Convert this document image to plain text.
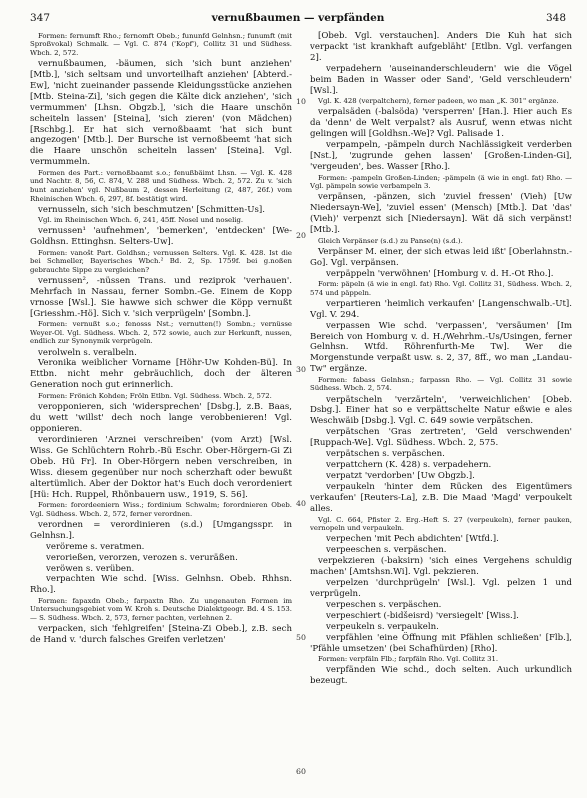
347	vernußbaumen — verpfänden	348

Formen: fernumft Rho.; fernomft Obeb.; fununfd Gelnhsn.; funumft (mit Sproßvokal) Schmalk. — Vgl. C. 874 ('Kopf'), Collitz 31 und Südhess. Wbch. 2, 572.

vernußbaumen, -bäumen, sich 'sich bunt anziehen' [Mtb.], 'sich seltsam und unvorteilhaft anziehen' [Abterd.-Ew], 'nicht zueinander passende Kleidungsstücke anziehen [Mtb. Steina-Zi], 'sich gegen die Kälte dick anziehen', 'sich vermummen' [Lhsn. Obgzb.], 'sich die Haare unschön scheiteln lassen' [Steina], 'sich zieren' (von Mädchen) [Rschbg.]. Er hat sich vernoßbaamt 'hat sich bunt angezogen' [Mtb.]. Der Bursche ist vernoßbeemt 'hat sich die Haare unschön scheiteln lassen' [Steina]. Vgl. vermummeln.

Formen des Part.: vernoßbaamt s.o.; fenußbäimt Lhsn. — Vgl. K. 428 und Nachtr. 8, 56, C. 874, V. 288 und Südhess. Wbch. 2, 572. Zu v. 'sich bunt anziehen' vgl. Nußbaum 2, dessen Herleitung (2, 487, 26f.) vom Rheinischen Wbch. 6, 297, 8f. bestätigt wird.

vernusseln, sich 'sich beschmutzen' [Schmitten-Us].

Vgl. im Rheinischen Wbch. 6, 241, 45ff. Nosel und noselig.

vernussen¹ 'aufnehmen', 'bemerken', 'entdecken' [We-Goldhsn. Ettinghsn. Selters-Uw].

Formen: vanošt Part. Goldhsn.; vernussen Selters. Vgl. K. 428. Ist die bei Schmeller, Bayerisches Wbch.² Bd. 2, Sp. 1759f. bei g.noßen gebrauchte Sippe zu vergleichen?

vernussen², -nüssen Trans. und reziprok 'verhauen'. Mehrfach in Nassau, ferner Sombn.-Ge. Einem de Kopp vrnosse [Wsl.]. Sie hawwe sich schwer die Köpp vernußt [Griesshm.-Hö]. Sich v. 'sich verprügeln' [Sombn.].

Formen: vernußt s.o.; fenosss Nst.; vernutten(!) Sombn.; vernüsse Weyer-Ol. Vgl. Südhess. Wbch. 2, 572 sowie, auch zur Herkunft, nussen, endlich zur Synonymik verprügeln.

verolweln s. veralbeln.

Veronika weiblicher Vorname [Höhr-Uw Kohden-Bü]. In Ettbn. nicht mehr gebräuchlich, doch der älteren Generation noch gut erinnerlich.

Formen: Frönich Kohden; Fröln Etlbn. Vgl. Südhess. Wbch. 2, 572.

veropponieren, sich 'widersprechen' [Dsbg.], z.B. Baas, du wett 'willst' dech noch lange verobbenieren! Vgl. opponieren.

verordinieren 'Arznei verschreiben' (vom Arzt) [Wsl. Wiss. Ge Schlüchtern Rohrb.-Bü Eschr. Ober-Hörgern-Gi Zi Obeb. Hü Fr]. In Ober-Hörgern neben verschreiben, in Wiss. diesem gegenüber nur noch scherzhaft oder bewußt altertümlich. Aber der Doktor hat's Euch doch verordeniert [Hü: Hch. Ruppel, Rhönbauern usw., 1919, S. 56].

Formen: forordeeniern Wiss.; fordinium Schwalm; forordnieren Obeb. Vgl. Südhess. Wbch. 2, 572, ferner verordnen.

verordnen = verordinieren (s.d.) [Umgangsspr. in Gelnhsn.].

veröreme s. veratmen.

verorießen, verorzen, verozen s. veruräßen.

veröwen s. verüben.

verpachten Wie schd. [Wiss. Gelnhsn. Obeb. Rhhsn. Rho.].

Formen: fapaxdn Obeb.; farpaxtn Rho. Zu ungenauten Formen im Untersuchungsgebiet vom W. Kroh s. Deutsche Dialektgeogr. Bd. 4 S. 153. — S. Südhess. Wbch. 2, 573, ferner pachten, verlehnen 2.

verpacken, sich 'fehlgreifen' [Steina-Zi Obeb.], z.B. sech de Hand v. 'durch falsches Greifen verletzen'

10
20
30
40
50
60

[Obeb. Vgl. verstauchen]. Anders Die Kuh hat sich verpackt 'ist krankhaft aufgebläht' [Etlbn. Vgl. verfangen 2].

verpadehern 'auseinanderschleudern' wie die Vögel beim Baden in Wasser oder Sand', 'Geld verschleudern' [Wsl.].

Vgl. K. 428 (verpaltchern), ferner padeen, wo man „K. 301" ergänze.

verpalsäden (-balsöda) 'versperren' [Han.]. Hier auch Es da 'denn' de Welt verpalst? als Ausruf, wenn etwas nicht gelingen will [Goldhsn.-We]? Vgl. Palisade 1.

verpampeln, -pämpeln durch Nachlässigkeit verderben [Nst.], 'zugrunde gehen lassen' [Großen-Linden-Gi], 'vergeuden', bes. Wasser [Rho.].

Formen: -pampeln Großen-Linden; -pämpeln (ä wie in engl. fat) Rho. — Vgl. pämpeln sowie verbampeln 3.

verpänsen, -pänzen, sich 'zuviel fressen' (Vieh) [Uw Niedersayn-We], 'zuviel essen' (Mensch) [Mtb.]. Dat 'das' (Vieh)' verpenzt sich [Niedersayn]. Wät dä sich verpänst! [Mtb.].

Gleich Verpänser (s.d.) zu Panse(n) (s.d.).

Verpänser M. einer, der sich etwas leid ißt' [Oberlahnstn.-Go]. Vgl. verpänsen.

verpäppeln 'verwöhnen' [Homburg v. d. H.-Ot Rho.].

Form: päpeln (ä wie in engl. fat) Rho. Vgl. Collitz 31, Südhess. Wbch. 2, 574 und päppeln.

verpartieren 'heimlich verkaufen' [Langenschwalb.-Ut]. Vgl. V. 294.

verpassen Wie schd. 'verpassen', 'versäumen' [Im Bereich von Homburg v. d. H./Wehrhm.-Us/Usingen, ferner Gelnhsn. Wtfd. Röhrenfurth-Me Tw]. Wer die Morgenstunde verpaßt usw. s. 2, 37, 8ff., wo man „Landau-Tw" ergänze.

Formen: fabass Gelnhsn.; farpassn Rho. — Vgl. Collitz 31 sowie Südhess. Wbch. 2, 574.

verpätscheln 'verzärteln', 'verweichlichen' [Obeb. Dsbg.]. Einer hat so e verpättschelte Natur eßwie e ales Weschwäib [Dsbg.]. Vgl. C. 649 sowie verpätschen.

verpätschen 'Gras zertreten', 'Geld verschwenden' [Ruppach-We]. Vgl. Südhess. Wbch. 2, 575.

verpätschen s. verpäschen.

verpattchern (K. 428) s. verpadehern.

verpatzt 'verdorben' [Uw Obgzb.].

verpaukeln 'hinter dem Rücken des Eigentümers verkaufen' [Reuters-La], z.B. Die Maad 'Magd' verpoukelt alles.

Vgl. C. 664, Pfister 2. Erg.-Heft S. 27 (verpeukeln), ferner pauken, vernopeln und verpaukeln.

verpechen 'mit Pech abdichten' [Wtfd.].

verpeeschen s. verpäschen.

verpekzieren (-baksirn) 'sich eines Vergehens schuldig machen' [Amtshsn.Wi]. Vgl. pekzieren.

verpelzen 'durchprügeln' [Wsl.]. Vgl. pelzen 1 und verprügeln.

verpeschen s. verpäschen.

verpeschiert (-bidšeisrd) 'versiegelt' [Wiss.].

verpeukeln s. verpaukeln.

verpfählen 'eine Öffnung mit Pfählen schließen' [Flb.], 'Pfähle umsetzen' (bei Schafhürden) [Rho].

Formen: verpfäln Flb.; farpfäln Rho. Vgl. Collitz 31.

verpfänden Wie schd., doch selten. Auch urkundlich bezeugt.
